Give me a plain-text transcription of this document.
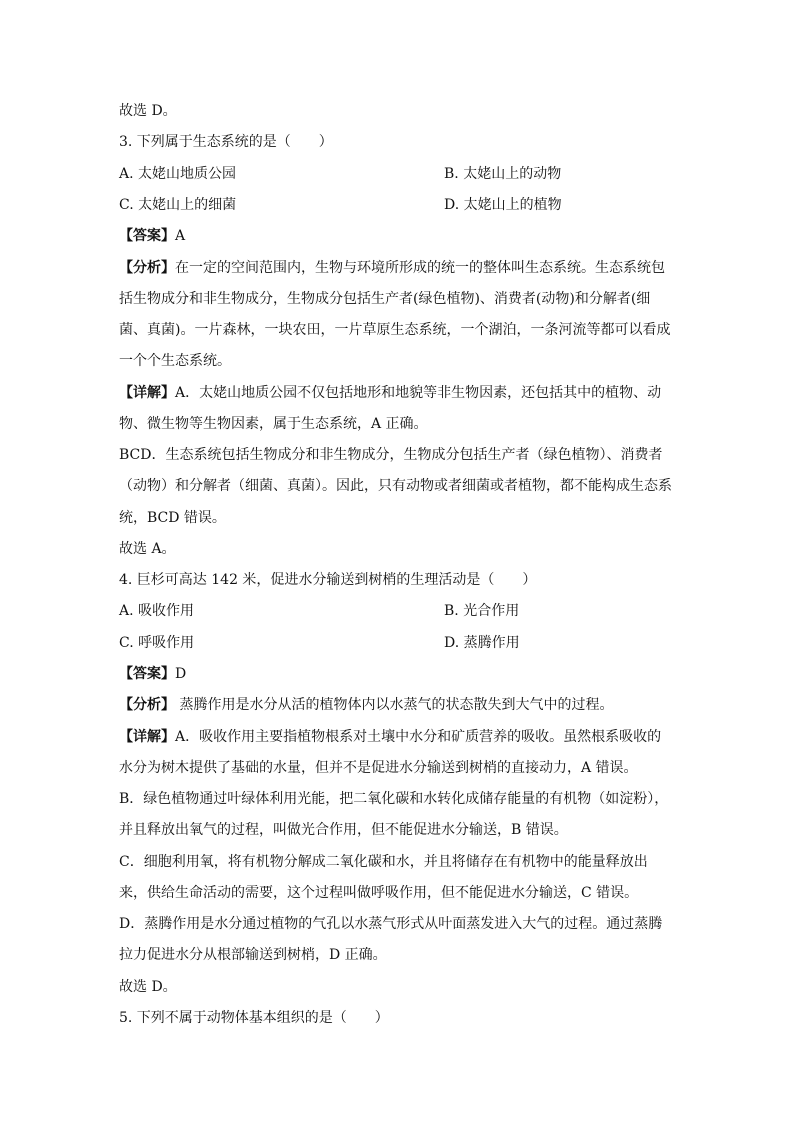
故选 D。
3. 下列属于生态系统的是（　　）
A. 太姥山地质公园	B. 太姥山上的动物
C. 太姥山上的细菌	D. 太姥山上的植物
【答案】A
【分析】在一定的空间范围内，生物与环境所形成的统一的整体叫生态系统。生态系统包
括生物成分和非生物成分，生物成分包括生产者(绿色植物)、消费者(动物)和分解者(细
菌、真菌)。一片森林，一块农田，一片草原生态系统，一个湖泊，一条河流等都可以看成
一个个生态系统。
【详解】A．太姥山地质公园不仅包括地形和地貌等非生物因素，还包括其中的植物、动
物、微生物等生物因素，属于生态系统，A 正确。
BCD．生态系统包括生物成分和非生物成分，生物成分包括生产者（绿色植物）、消费者
（动物）和分解者（细菌、真菌）。因此，只有动物或者细菌或者植物，都不能构成生态系
统，BCD 错误。
故选 A。
4. 巨杉可高达 142 米，促进水分输送到树梢的生理活动是（　　）
A. 吸收作用	B. 光合作用
C. 呼吸作用	D. 蒸腾作用
【答案】D
【分析】 蒸腾作用是水分从活的植物体内以水蒸气的状态散失到大气中的过程。
【详解】A．吸收作用主要指植物根系对土壤中水分和矿质营养的吸收。虽然根系吸收的
水分为树木提供了基础的水量，但并不是促进水分输送到树梢的直接动力，A 错误。
B．绿色植物通过叶绿体利用光能，把二氧化碳和水转化成储存能量的有机物（如淀粉），
并且释放出氧气的过程，叫做光合作用，但不能促进水分输送，B 错误。
C．细胞利用氧，将有机物分解成二氧化碳和水，并且将储存在有机物中的能量释放出
来，供给生命活动的需要，这个过程叫做呼吸作用，但不能促进水分输送，C 错误。
D．蒸腾作用是水分通过植物的气孔以水蒸气形式从叶面蒸发进入大气的过程。通过蒸腾
拉力促进水分从根部输送到树梢，D 正确。
故选 D。
5. 下列不属于动物体基本组织的是（　　）
